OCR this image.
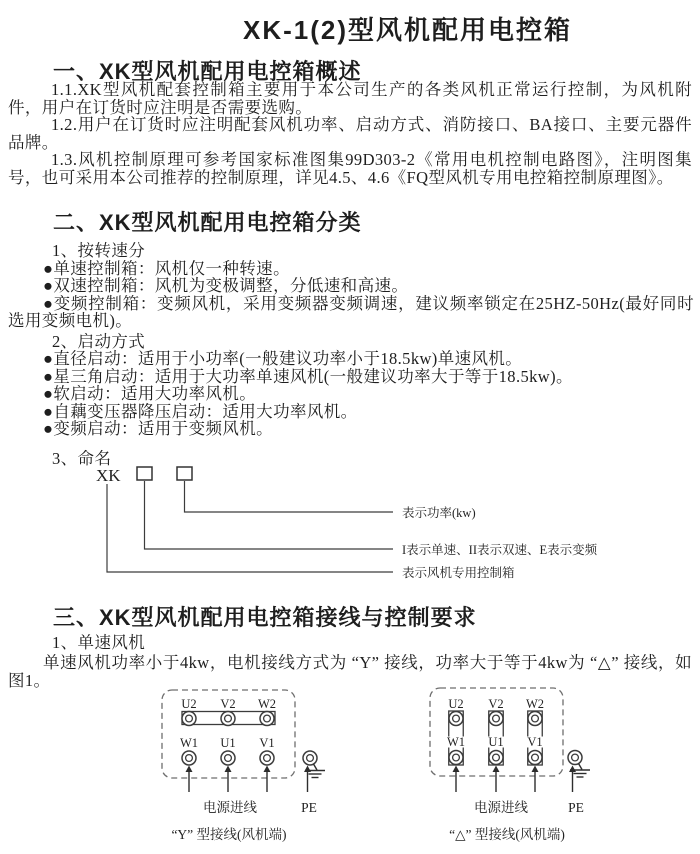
XK-1(2)型风机配用电控箱
一、XK型风机配用电控箱概述

1.1.XK型风机配套控制箱主要用于本公司生产的各类风机正常运行控制，为风机附件，用户在订货时应注明是否需要选购。

1.2.用户在订货时应注明配套风机功率、启动方式、消防接口、BA接口、主要元器件品牌。

1.3.风机控制原理可参考国家标准图集99D303-2《常用电机控制电路图》，注明图集号，也可采用本公司推荐的控制原理，详见4.5、4.6《FQ型风机专用电控箱控制原理图》。

二、XK型风机配用电控箱分类

1、按转速分

●单速控制箱：风机仅一种转速。

●双速控制箱：风机为变极调整，分低速和高速。

●变频控制箱：变频风机，采用变频器变频调速，建议频率锁定在25HZ-50Hz(最好同时选用变频电机)。

2、启动方式

●直径启动：适用于小功率(一般建议功率小于18.5kw)单速风机。

●星三角启动：适用于大功率单速风机(一般建议功率大于等于18.5kw)。

●软启动：适用大功率风机。

●自藕变压器降压启动：适用大功率风机。

●变频启动：适用于变频风机。

3、命名

XK
表示功率(kw)
I表示单速、II表示双速、E表示变频
表示风机专用控制箱
三、XK型风机配用电控箱接线与控制要求
1、单速风机

单速风机功率小于4kw，电机接线方式为 “Y” 接线，功率大于等于4kw为 “△” 接线，如图1。

U2 V2 W2
W1 U1 V1
电源进线	PE
“Y” 型接线(风机端)
U2 V2 W2
W1 U1 V1
电源进线	PE
“△” 型接线(风机端)
